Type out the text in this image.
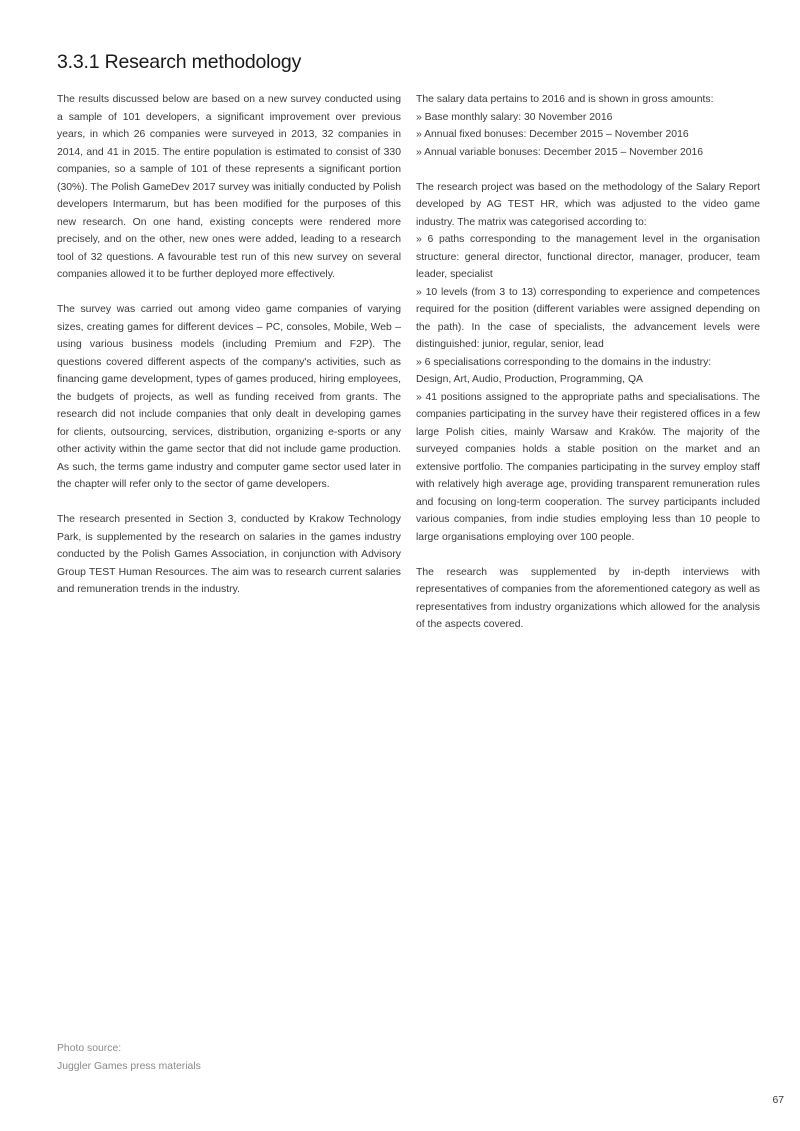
3.3.1 Research methodology

The results discussed below are based on a new survey conducted using a sample of 101 developers, a significant improvement over previous years, in which 26 companies were surveyed in 2013, 32 companies in 2014, and 41 in 2015. The entire population is estimated to consist of 330 companies, so a sample of 101 of these represents a significant portion (30%). The Polish GameDev 2017 survey was initially conducted by Polish developers Intermarum, but has been modified for the purposes of this new research. On one hand, existing concepts were rendered more precisely, and on the other, new ones were added, leading to a research tool of 32 questions. A favourable test run of this new survey on several companies allowed it to be further deployed more effectively.

The survey was carried out among video game companies of varying sizes, creating games for different devices – PC, consoles, Mobile, Web – using various business models (including Premium and F2P). The questions covered different aspects of the company's activities, such as financing game development, types of games produced, hiring employees, the budgets of projects, as well as funding received from grants. The research did not include companies that only dealt in developing games for clients, outsourcing, services, distribution, organizing e-sports or any other activity within the game sector that did not include game production. As such, the terms game industry and computer game sector used later in the chapter will refer only to the sector of game developers.

The research presented in Section 3, conducted by Krakow Technology Park, is supplemented by the research on salaries in the games industry conducted by the Polish Games Association, in conjunction with Advisory Group TEST Human Resources. The aim was to research current salaries and remuneration trends in the industry.

The salary data pertains to 2016 and is shown in gross amounts:

» Base monthly salary: 30 November 2016

» Annual fixed bonuses: December 2015 – November 2016

» Annual variable bonuses: December 2015 – November 2016

The research project was based on the methodology of the Salary Report developed by AG TEST HR, which was adjusted to the video game industry. The matrix was categorised according to:

» 6 paths corresponding to the management level in the organisation structure: general director, functional director, manager, producer, team leader, specialist

» 10 levels (from 3 to 13) corresponding to experience and competences required for the position (different variables were assigned depending on the path). In the case of specialists, the advancement levels were distinguished: junior, regular, senior, lead

» 6 specialisations corresponding to the domains in the industry:

Design, Art, Audio, Production, Programming, QA

» 41 positions assigned to the appropriate paths and specialisations. The companies participating in the survey have their registered offices in a few large Polish cities, mainly Warsaw and Kraków. The majority of the surveyed companies holds a stable position on the market and an extensive portfolio. The companies participating in the survey employ staff with relatively high average age, providing transparent remuneration rules and focusing on long-term cooperation. The survey participants included various companies, from indie studies employing less than 10 people to large organisations employing over 100 people.

The research was supplemented by in-depth interviews with representatives of companies from the aforementioned category as well as representatives from industry organizations which allowed for the analysis of the aspects covered.

Photo source:
Juggler Games press materials
67
